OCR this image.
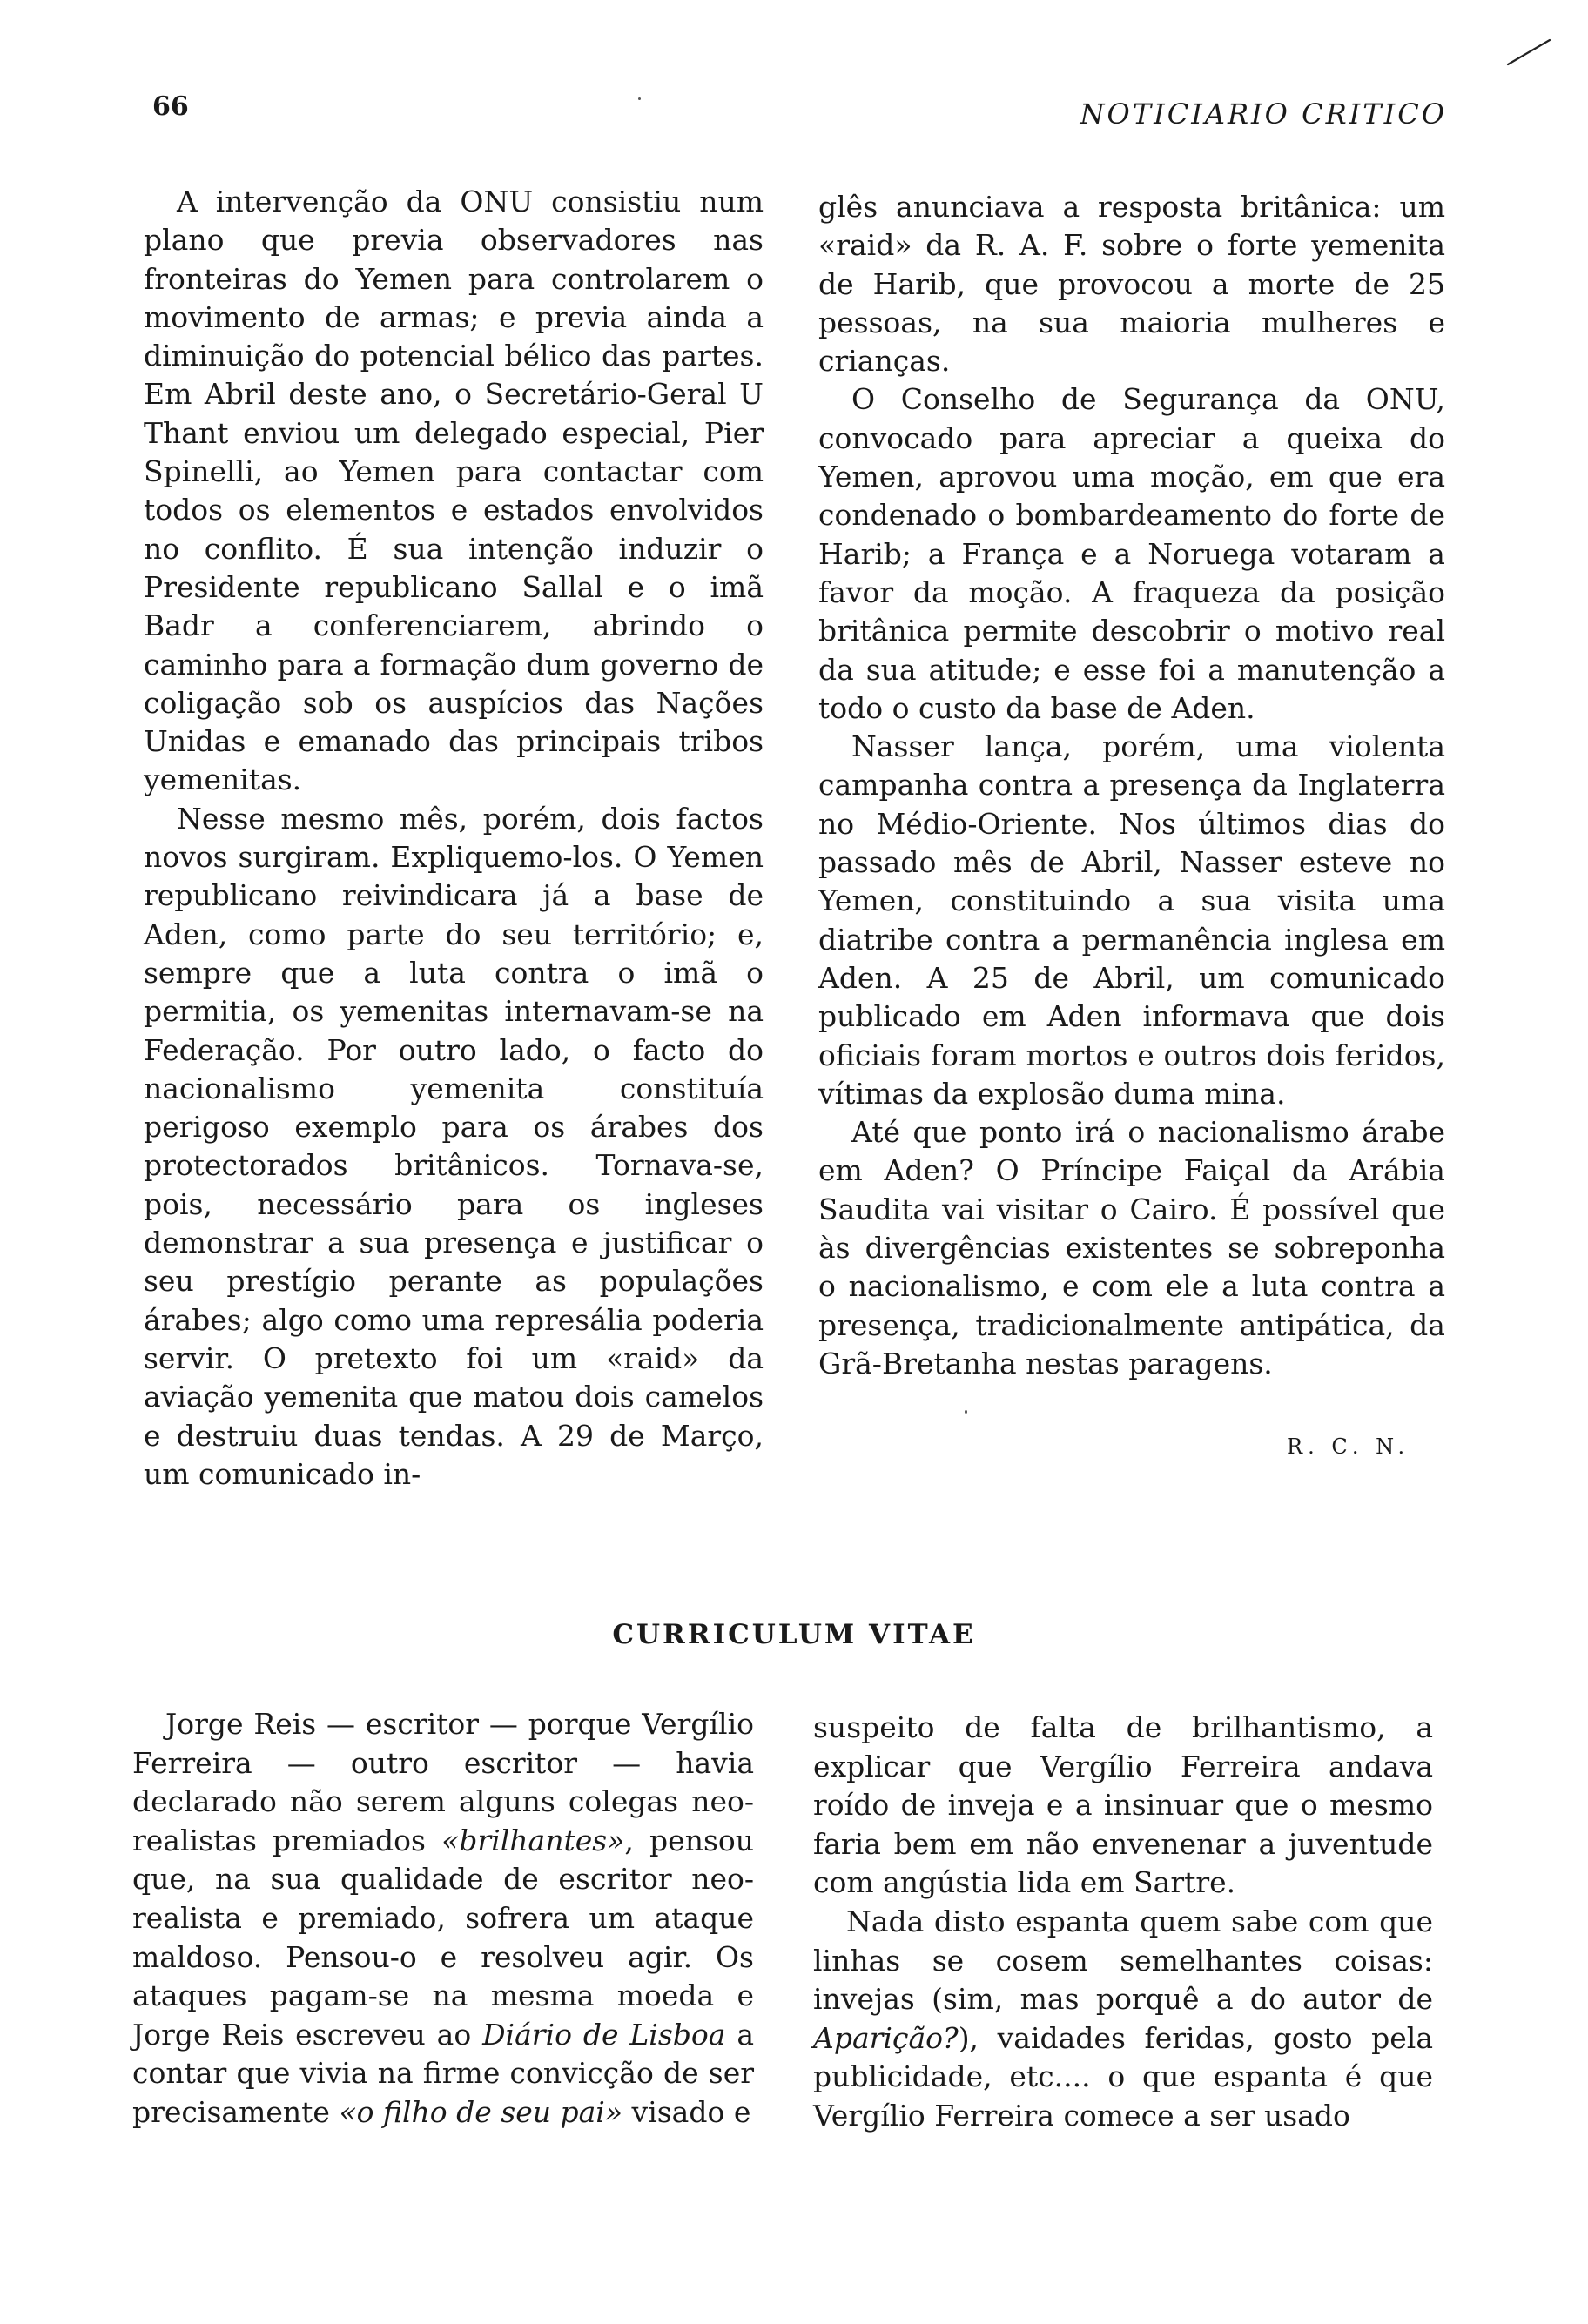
66	NOTICIARIO CRITICO

A intervenção da ONU consistiu num plano que previa observadores nas fronteiras do Yemen para controlarem o movimento de armas; e previa ainda a diminuição do potencial bélico das partes. Em Abril deste ano, o Secretário-Geral U Thant enviou um delegado especial, Pier Spinelli, ao Yemen para contactar com todos os elementos e estados envolvidos no conflito. É sua intenção induzir o Presidente republicano Sallal e o imã Badr a conferenciarem, abrindo o caminho para a formação dum governo de coligação sob os auspícios das Nações Unidas e emanado das principais tribos yemenitas.

Nesse mesmo mês, porém, dois factos novos surgiram. Expliquemo-los. O Yemen republicano reivindicara já a base de Aden, como parte do seu território; e, sempre que a luta contra o imã o permitia, os yemenitas internavam-se na Federação. Por outro lado, o facto do nacionalismo yemenita constituía perigoso exemplo para os árabes dos protectorados britânicos. Tornava-se, pois, necessário para os ingleses demonstrar a sua presença e justificar o seu prestígio perante as populações árabes; algo como uma represália poderia servir. O pretexto foi um «raid» da aviação yemenita que matou dois camelos e destruiu duas tendas. A 29 de Março, um comunicado in-

glês anunciava a resposta britânica: um «raid» da R. A. F. sobre o forte yemenita de Harib, que provocou a morte de 25 pessoas, na sua maioria mulheres e crianças.

O Conselho de Segurança da ONU, convocado para apreciar a queixa do Yemen, aprovou uma moção, em que era condenado o bombardeamento do forte de Harib; a França e a Noruega votaram a favor da moção. A fraqueza da posição britânica permite descobrir o motivo real da sua atitude; e esse foi a manutenção a todo o custo da base de Aden.

Nasser lança, porém, uma violenta campanha contra a presença da Inglaterra no Médio-Oriente. Nos últimos dias do passado mês de Abril, Nasser esteve no Yemen, constituindo a sua visita uma diatribe contra a permanência inglesa em Aden. A 25 de Abril, um comunicado publicado em Aden informava que dois oficiais foram mortos e outros dois feridos, vítimas da explosão duma mina.

Até que ponto irá o nacionalismo árabe em Aden? O Príncipe Faiçal da Arábia Saudita vai visitar o Cairo. É possível que às divergências existentes se sobreponha o nacionalismo, e com ele a luta contra a presença, tradicionalmente antipática, da Grã-Bretanha nestas paragens.

R. C. N.
CURRICULUM VITAE

Jorge Reis — escritor — porque Vergílio Ferreira — outro escritor — havia declarado não serem alguns colegas neo-realistas premiados «brilhantes», pensou que, na sua qualidade de escritor neo-realista e premiado, sofrera um ataque maldoso. Pensou-o e resolveu agir. Os ataques pagam-se na mesma moeda e Jorge Reis escreveu ao Diário de Lisboa a contar que vivia na firme convicção de ser precisamente «o filho de seu pai» visado e

suspeito de falta de brilhantismo, a explicar que Vergílio Ferreira andava roído de inveja e a insinuar que o mesmo faria bem em não envenenar a juventude com angústia lida em Sartre.

Nada disto espanta quem sabe com que linhas se cosem semelhantes coisas: invejas (sim, mas porquê a do autor de Aparição?), vaidades feridas, gosto pela publicidade, etc.... o que espanta é que Vergílio Ferreira comece a ser usado
